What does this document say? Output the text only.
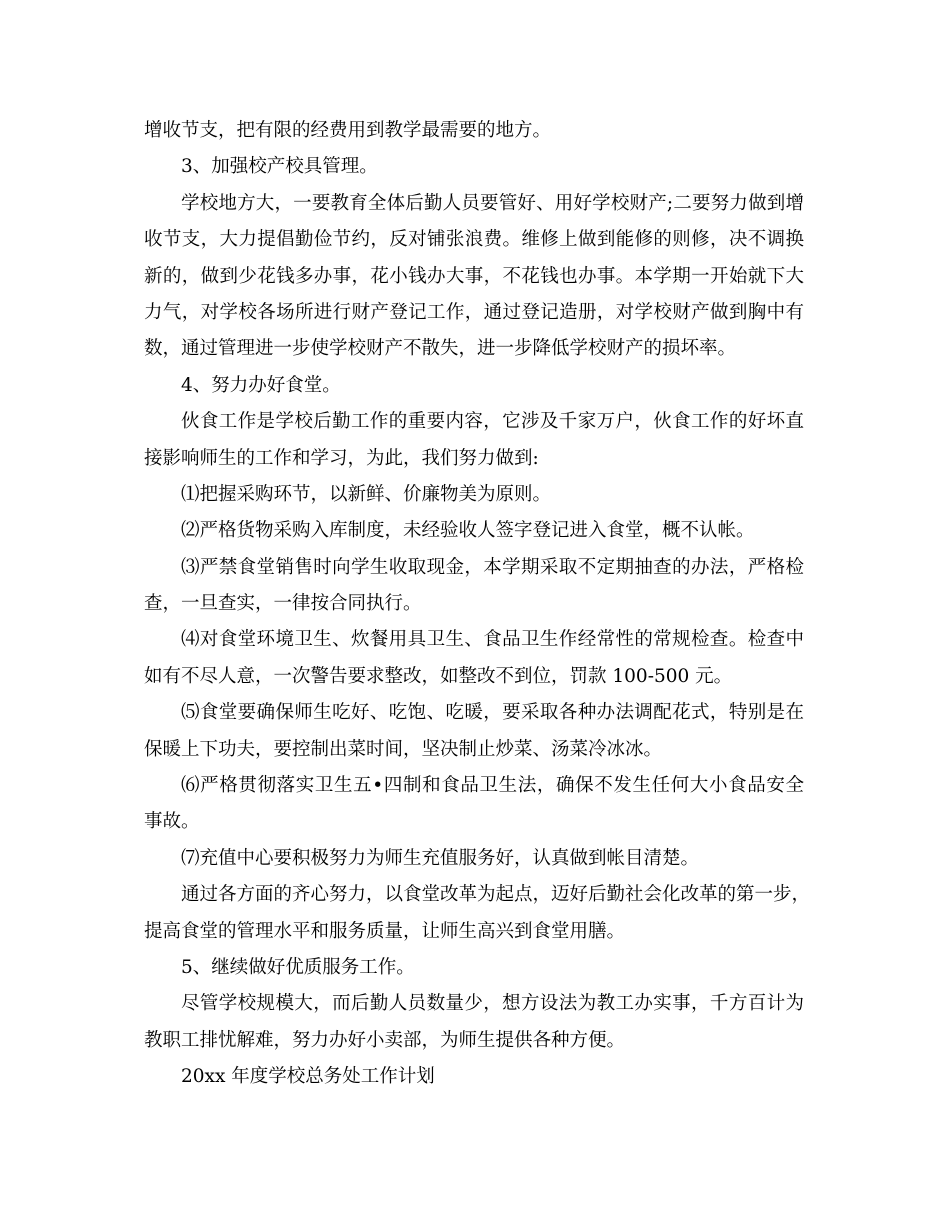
增收节支，把有限的经费用到教学最需要的地方。
3、加强校产校具管理。
学校地方大，一要教育全体后勤人员要管好、用好学校财产;二要努力做到增
收节支，大力提倡勤俭节约，反对铺张浪费。维修上做到能修的则修，决不调换
新的，做到少花钱多办事，花小钱办大事，不花钱也办事。本学期一开始就下大
力气，对学校各场所进行财产登记工作，通过登记造册，对学校财产做到胸中有
数，通过管理进一步使学校财产不散失，进一步降低学校财产的损坏率。
4、努力办好食堂。
伙食工作是学校后勤工作的重要内容，它涉及千家万户，伙食工作的好坏直
接影响师生的工作和学习，为此，我们努力做到:
⑴把握采购环节，以新鲜、价廉物美为原则。
⑵严格货物采购入库制度，未经验收人签字登记进入食堂，概不认帐。
⑶严禁食堂销售时向学生收取现金，本学期采取不定期抽查的办法，严格检
查，一旦查实，一律按合同执行。
⑷对食堂环境卫生、炊餐用具卫生、食品卫生作经常性的常规检查。检查中
如有不尽人意，一次警告要求整改，如整改不到位，罚款 100-500 元。
⑸食堂要确保师生吃好、吃饱、吃暖，要采取各种办法调配花式，特别是在
保暖上下功夫，要控制出菜时间，坚决制止炒菜、汤菜冷冰冰。
⑹严格贯彻落实卫生五•四制和食品卫生法，确保不发生任何大小食品安全
事故。
⑺充值中心要积极努力为师生充值服务好，认真做到帐目清楚。
通过各方面的齐心努力，以食堂改革为起点，迈好后勤社会化改革的第一步，
提高食堂的管理水平和服务质量，让师生高兴到食堂用膳。
5、继续做好优质服务工作。
尽管学校规模大，而后勤人员数量少，想方设法为教工办实事，千方百计为
教职工排忧解难，努力办好小卖部，为师生提供各种方便。
20xx 年度学校总务处工作计划
